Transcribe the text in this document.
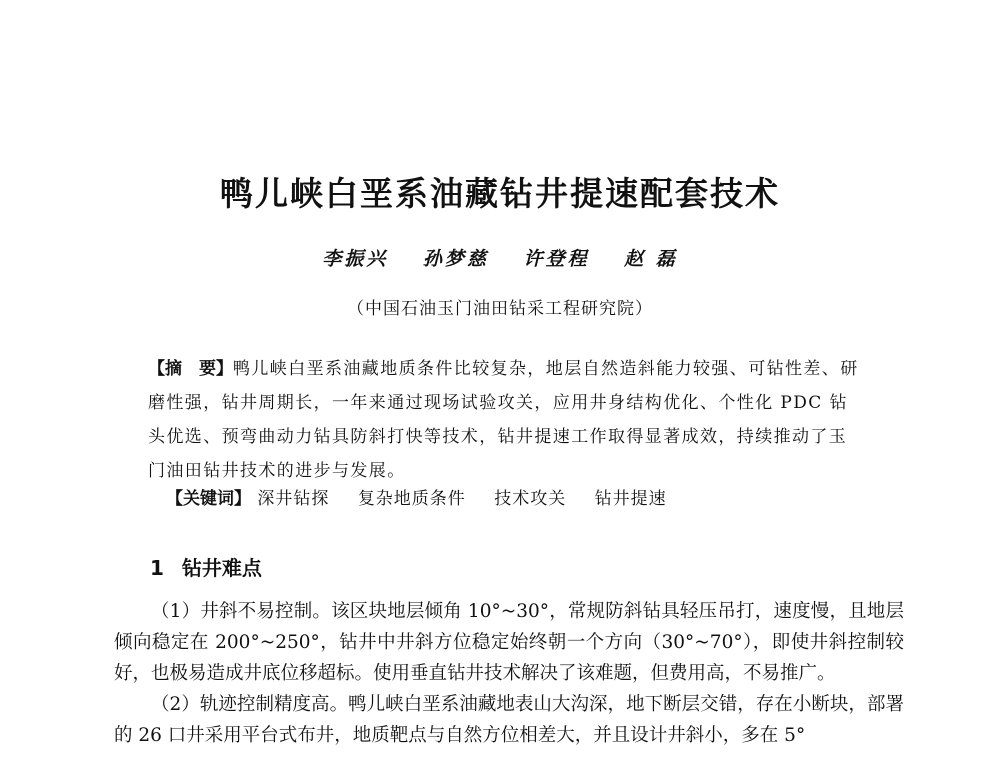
鸭儿峡白垩系油藏钻井提速配套技术
李振兴 孙梦慈 许登程 赵 磊
（中国石油玉门油田钻采工程研究院）

【摘　要】鸭儿峡白垩系油藏地质条件比较复杂，地层自然造斜能力较强、可钻性差、研磨性强，钻井周期长，一年来通过现场试验攻关，应用井身结构优化、个性化 PDC 钻头优选、预弯曲动力钻具防斜打快等技术，钻井提速工作取得显著成效，持续推动了玉门油田钻井技术的进步与发展。

【关键词】 深井钻探 复杂地质条件 技术攻关 钻井提速

1 钻井难点

（1）井斜不易控制。该区块地层倾角 10°~30°，常规防斜钻具轻压吊打，速度慢，且地层倾向稳定在 200°~250°，钻井中井斜方位稳定始终朝一个方向（30°~70°），即使井斜控制较好，也极易造成井底位移超标。使用垂直钻井技术解决了该难题，但费用高，不易推广。

（2）轨迹控制精度高。鸭儿峡白垩系油藏地表山大沟深，地下断层交错，存在小断块，部署的 26 口井采用平台式布井，地质靶点与自然方位相差大，并且设计井斜小，多在 5°
